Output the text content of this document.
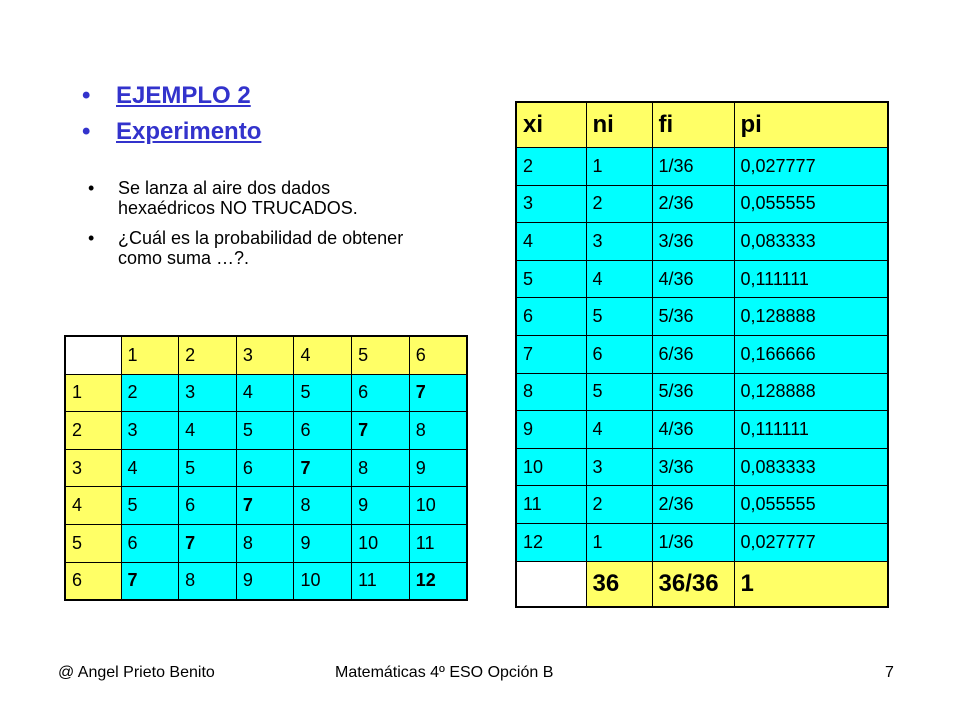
• EJEMPLO 2
• Experimento
• Se lanza al aire dos dados hexaédricos NO TRUCADOS.
• ¿Cuál es la probabilidad de obtener como suma …?.
	1	2	3	4	5	6
1	2	3	4	5	6	7
2	3	4	5	6	7	8
3	4	5	6	7	8	9
4	5	6	7	8	9	10
5	6	7	8	9	10	11
6	7	8	9	10	11	12
xi	ni	fi	pi
2	1	1/36	0,027777
3	2	2/36	0,055555
4	3	3/36	0,083333
5	4	4/36	0,111111
6	5	5/36	0,128888
7	6	6/36	0,166666
8	5	5/36	0,128888
9	4	4/36	0,111111
10	3	3/36	0,083333
11	2	2/36	0,055555
12	1	1/36	0,027777
	36	36/36	1
@ Angel Prieto Benito	Matemáticas 4º ESO Opción B	7
